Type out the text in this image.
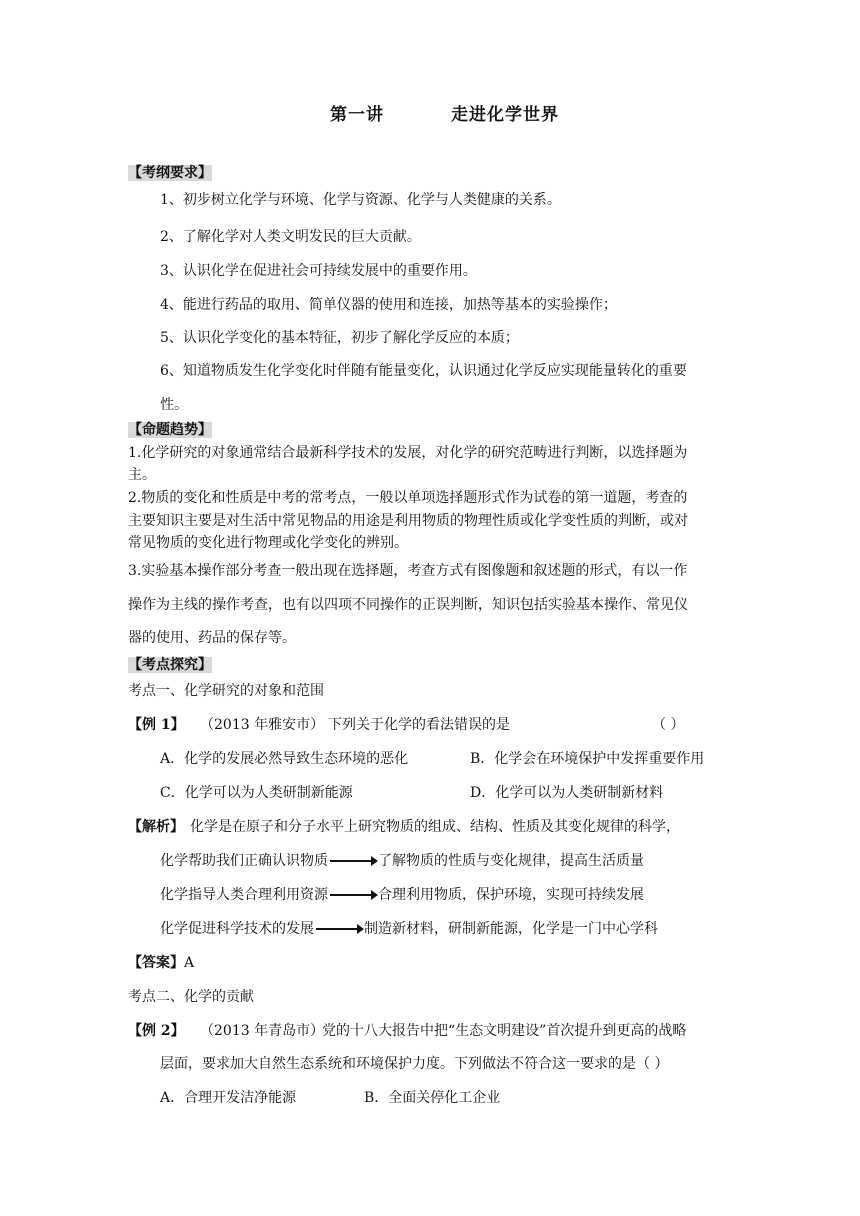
第一讲	走进化学世界
【考纲要求】
1、初步树立化学与环境、化学与资源、化学与人类健康的关系。
2、了解化学对人类文明发民的巨大贡献。
3、认识化学在促进社会可持续发展中的重要作用。
4、能进行药品的取用、简单仪器的使用和连接，加热等基本的实验操作；
5、认识化学变化的基本特征，初步了解化学反应的本质；
6、知道物质发生化学变化时伴随有能量变化，认识通过化学反应实现能量转化的重要
性。
【命题趋势】
1.化学研究的对象通常结合最新科学技术的发展，对化学的研究范畴进行判断，以选择题为
主。
2.物质的变化和性质是中考的常考点，一般以单项选择题形式作为试卷的第一道题，考查的
主要知识主要是对生活中常见物品的用途是利用物质的物理性质或化学变性质的判断，或对
常见物质的变化进行物理或化学变化的辨别。
3.实验基本操作部分考查一般出现在选择题，考查方式有图像题和叙述题的形式，有以一作
操作为主线的操作考查，也有以四项不同操作的正误判断，知识包括实验基本操作、常见仪
器的使用、药品的保存等。
【考点探究】
考点一、化学研究的对象和范围
【例 1】 （2013 年雅安市） 下列关于化学的看法错误的是	（ ）
A．化学的发展必然导致生态环境的恶化	B．化学会在环境保护中发挥重要作用
C．化学可以为人类研制新能源	D．化学可以为人类研制新材料
【解析】 化学是在原子和分子水平上研究物质的组成、结构、性质及其变化规律的科学，
化学帮助我们正确认识物质	了解物质的性质与变化规律，提高生活质量
化学指导人类合理利用资源	合理利用物质，保护环境，实现可持续发展
化学促进科学技术的发展	制造新材料，研制新能源，化学是一门中心学科
【答案】A
考点二、化学的贡献
【例 2】 （2013 年青岛市）
党的十八大报告中把“生态文明建设”首次提升到更高的战略
层面，要求加大自然生态系统和环境保护力度。下列做法不符合这一要求的是（ ）
A．合理开发洁净能源	B．全面关停化工企业
